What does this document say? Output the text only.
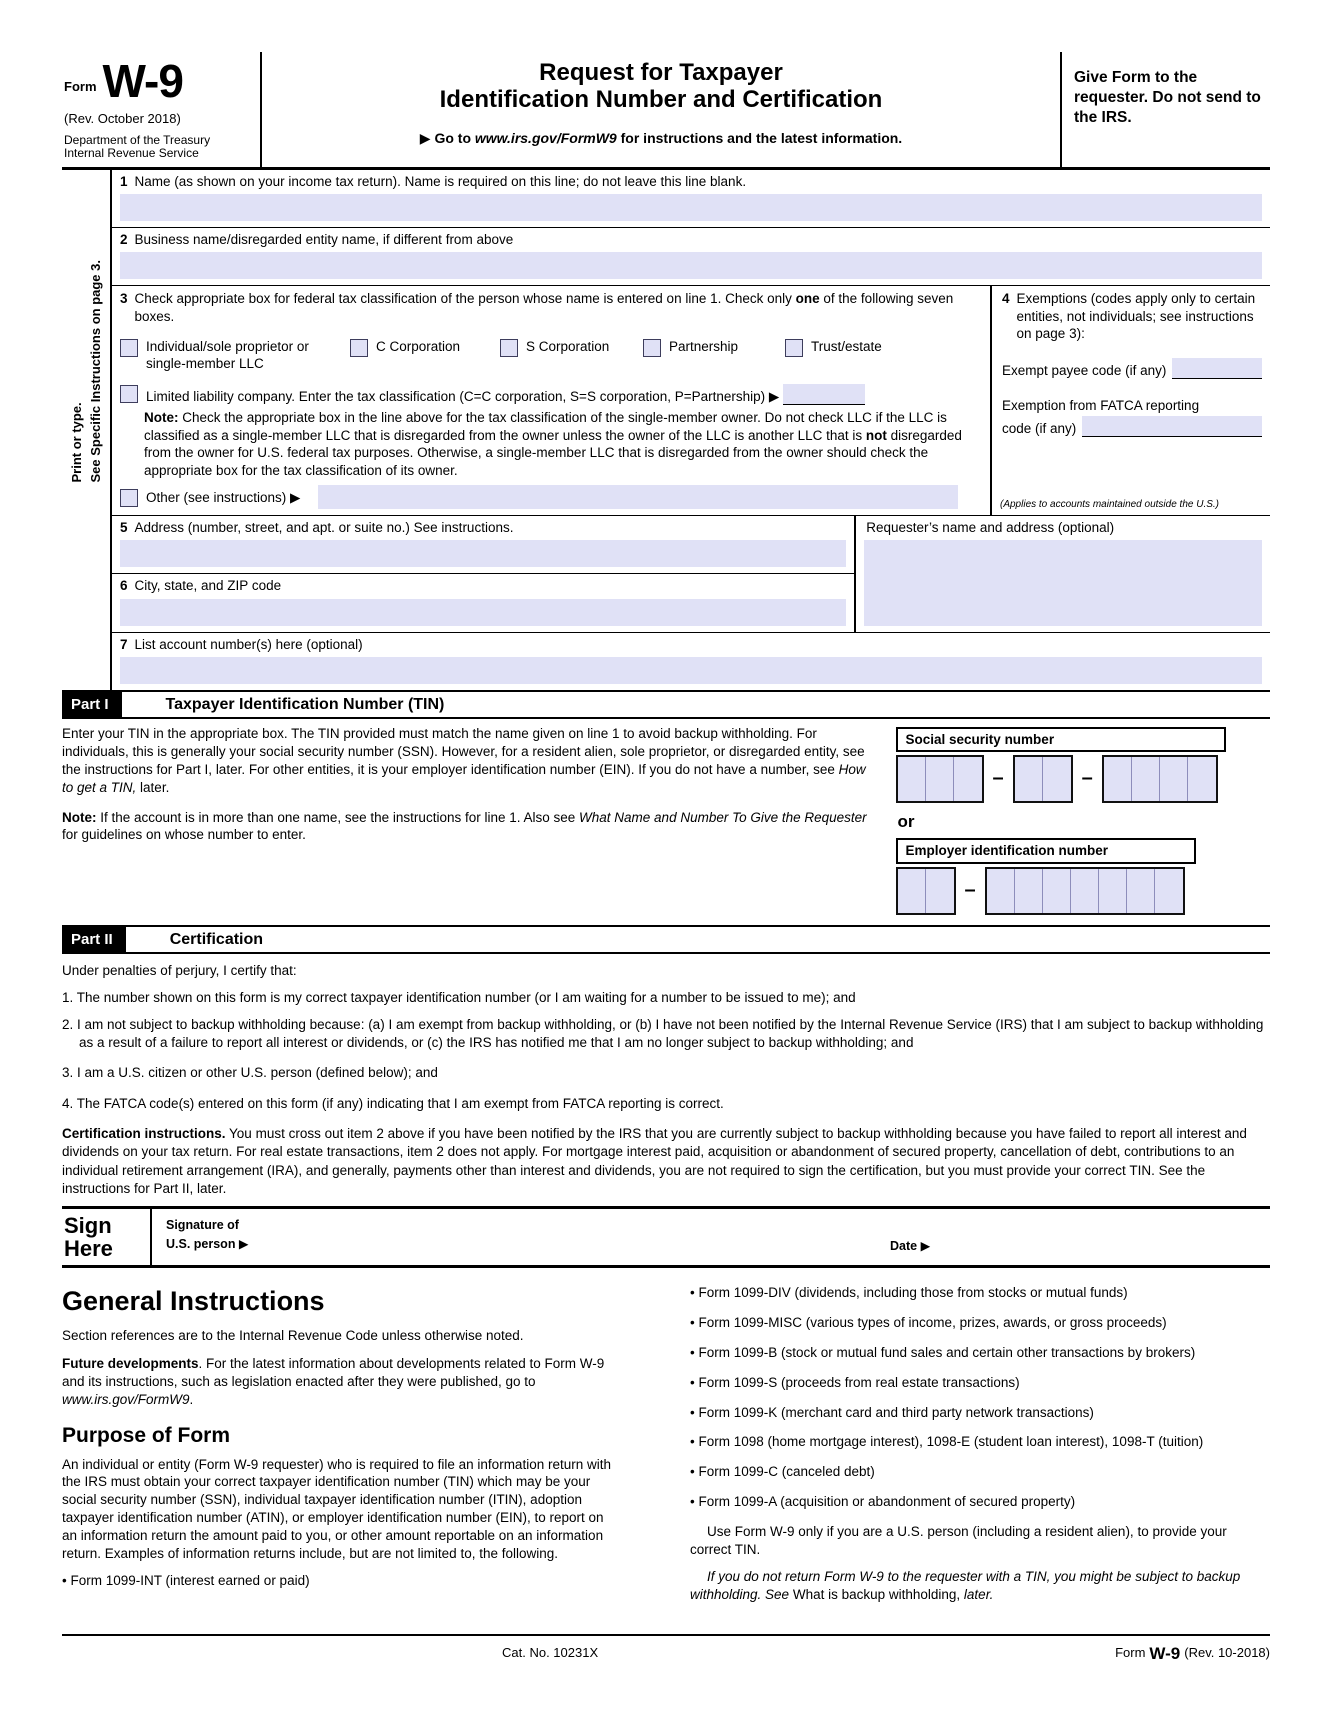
Form W-9
(Rev. October 2018)
Department of the Treasury
Internal Revenue Service
Request for Taxpayer
Identification Number and Certification
▶ Go to www.irs.gov/FormW9 for instructions and the latest information.
Give Form to the requester. Do not send to the IRS.
Print or type. See Specific Instructions on page 3.
1 Name (as shown on your income tax return). Name is required on this line; do not leave this line blank.
2 Business name/disregarded entity name, if different from above
3 Check appropriate box for federal tax classification of the person whose name is entered on line 1. Check only one of the following seven boxes.
Individual/sole proprietor or single-member LLC
C Corporation	S Corporation	Partnership	Trust/estate
Limited liability company. Enter the tax classification (C=C corporation, S=S corporation, P=Partnership) ▶
Note: Check the appropriate box in the line above for the tax classification of the single-member owner. Do not check LLC if the LLC is classified as a single-member LLC that is disregarded from the owner unless the owner of the LLC is another LLC that is not disregarded from the owner for U.S. federal tax purposes. Otherwise, a single-member LLC that is disregarded from the owner should check the appropriate box for the tax classification of its owner.
Other (see instructions) ▶
4 Exemptions (codes apply only to certain entities, not individuals; see instructions on page 3):
Exempt payee code (if any)
Exemption from FATCA reporting
code (if any)
(Applies to accounts maintained outside the U.S.)
5 Address (number, street, and apt. or suite no.) See instructions.
6 City, state, and ZIP code
Requester’s name and address (optional)
7 List account number(s) here (optional)
Part I	Taxpayer Identification Number (TIN)

Enter your TIN in the appropriate box. The TIN provided must match the name given on line 1 to avoid backup withholding. For individuals, this is generally your social security number (SSN). However, for a resident alien, sole proprietor, or disregarded entity, see the instructions for Part I, later. For other entities, it is your employer identification number (EIN). If you do not have a number, see How to get a TIN, later.

Note: If the account is in more than one name, see the instructions for line 1. Also see What Name and Number To Give the Requester for guidelines on whose number to enter.

Social security number
–	–
or
Employer identification number
–
Part II	Certification

Under penalties of perjury, I certify that:

1. The number shown on this form is my correct taxpayer identification number (or I am waiting for a number to be issued to me); and
2. I am not subject to backup withholding because: (a) I am exempt from backup withholding, or (b) I have not been notified by the Internal Revenue Service (IRS) that I am subject to backup withholding as a result of a failure to report all interest or dividends, or (c) the IRS has notified me that I am no longer subject to backup withholding; and
3. I am a U.S. citizen or other U.S. person (defined below); and
4. The FATCA code(s) entered on this form (if any) indicating that I am exempt from FATCA reporting is correct.
Certification instructions. You must cross out item 2 above if you have been notified by the IRS that you are currently subject to backup withholding because you have failed to report all interest and dividends on your tax return. For real estate transactions, item 2 does not apply. For mortgage interest paid, acquisition or abandonment of secured property, cancellation of debt, contributions to an individual retirement arrangement (IRA), and generally, payments other than interest and dividends, you are not required to sign the certification, but you must provide your correct TIN. See the instructions for Part II, later.
Sign
Here
Signature of
U.S. person ▶	Date ▶
General Instructions

Section references are to the Internal Revenue Code unless otherwise noted.

Future developments. For the latest information about developments related to Form W-9 and its instructions, such as legislation enacted after they were published, go to www.irs.gov/FormW9.

Purpose of Form

An individual or entity (Form W-9 requester) who is required to file an information return with the IRS must obtain your correct taxpayer identification number (TIN) which may be your social security number (SSN), individual taxpayer identification number (ITIN), adoption taxpayer identification number (ATIN), or employer identification number (EIN), to report on an information return the amount paid to you, or other amount reportable on an information return. Examples of information returns include, but are not limited to, the following.

• Form 1099-INT (interest earned or paid)

• Form 1099-DIV (dividends, including those from stocks or mutual funds)

• Form 1099-MISC (various types of income, prizes, awards, or gross proceeds)

• Form 1099-B (stock or mutual fund sales and certain other transactions by brokers)

• Form 1099-S (proceeds from real estate transactions)

• Form 1099-K (merchant card and third party network transactions)

• Form 1098 (home mortgage interest), 1098-E (student loan interest), 1098-T (tuition)

• Form 1099-C (canceled debt)

• Form 1099-A (acquisition or abandonment of secured property)

Use Form W-9 only if you are a U.S. person (including a resident alien), to provide your correct TIN.

If you do not return Form W-9 to the requester with a TIN, you might be subject to backup withholding. See What is backup withholding, later.

Cat. No. 10231X	Form W-9 (Rev. 10-2018)
